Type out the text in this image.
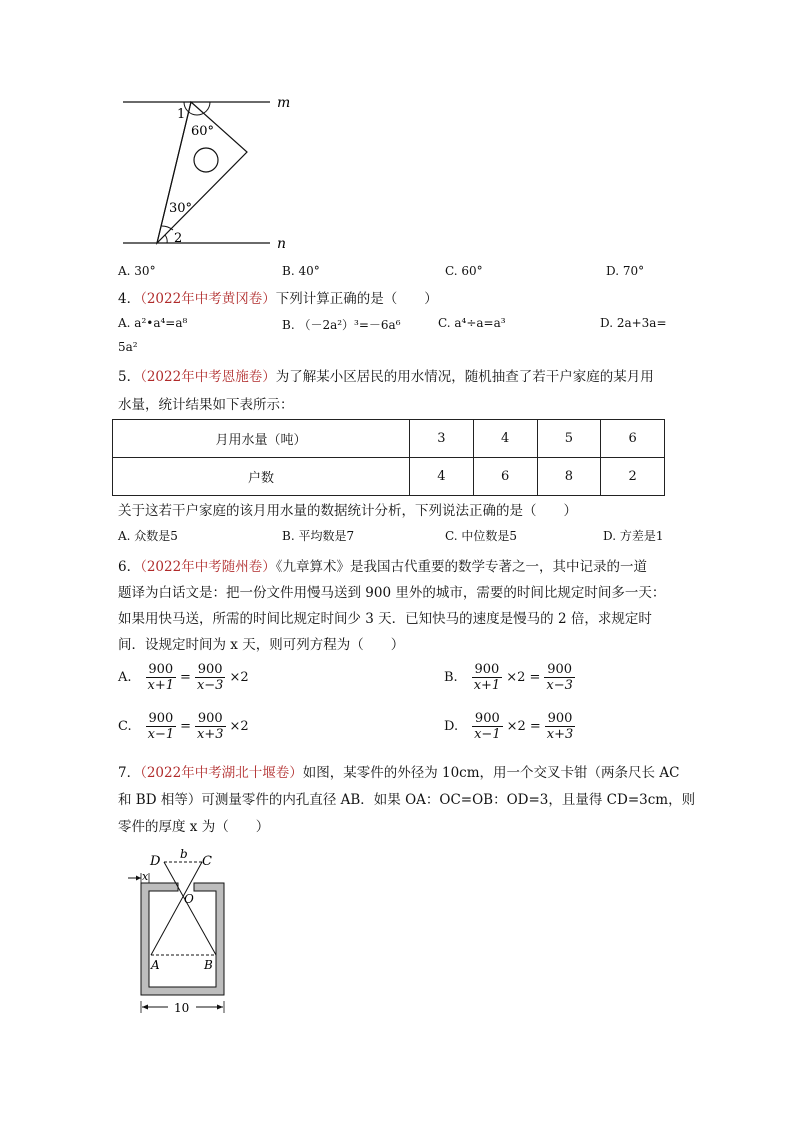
m
n
1
60°
30°
2
A. 30°	B. 40°	C. 60°	D. 70°
4．（2022年中考黄冈卷）下列计算正确的是（　　）
A. a²•a⁴=a⁸	B. （－2a²）³=－6a⁶	C. a⁴÷a=a³	D. 2a+3a=
5a²
5．（2022年中考恩施卷）为了解某小区居民的用水情况，随机抽查了若干户家庭的某月用
水量，统计结果如下表所示：
月用水量（吨）	3	4	5	6
户数	4	6	8	2
关于这若干户家庭的该月用水量的数据统计分析，下列说法正确的是（　　）
A. 众数是5	B. 平均数是7	C. 中位数是5	D. 方差是1
6．（2022年中考随州卷）《九章算术》是我国古代重要的数学专著之一，其中记录的一道
题译为白话文是：把一份文件用慢马送到 900 里外的城市，需要的时间比规定时间多一天：
如果用快马送，所需的时间比规定时间少 3 天．已知快马的速度是慢马的 2 倍，求规定时
间．设规定时间为 x 天，则可列方程为（　　）
A. $\frac{900}{x+1} = \frac{900}{x-3} \times 2$	B. $\frac{900}{x+1} \times 2 = \frac{900}{x-3}$
C. $\frac{900}{x-1} = \frac{900}{x+3} \times 2$	D. $\frac{900}{x-1} \times 2 = \frac{900}{x+3}$
7．（2022年中考湖北十堰卷）如图，某零件的外径为 10cm，用一个交叉卡钳（两条尺长 AC
和 BD 相等）可测量零件的内孔直径 AB．如果 OA：OC=OB：OD=3，且量得 CD=3cm，则
零件的厚度 x 为（　　）
D	C
b
x
O
A	B
10
